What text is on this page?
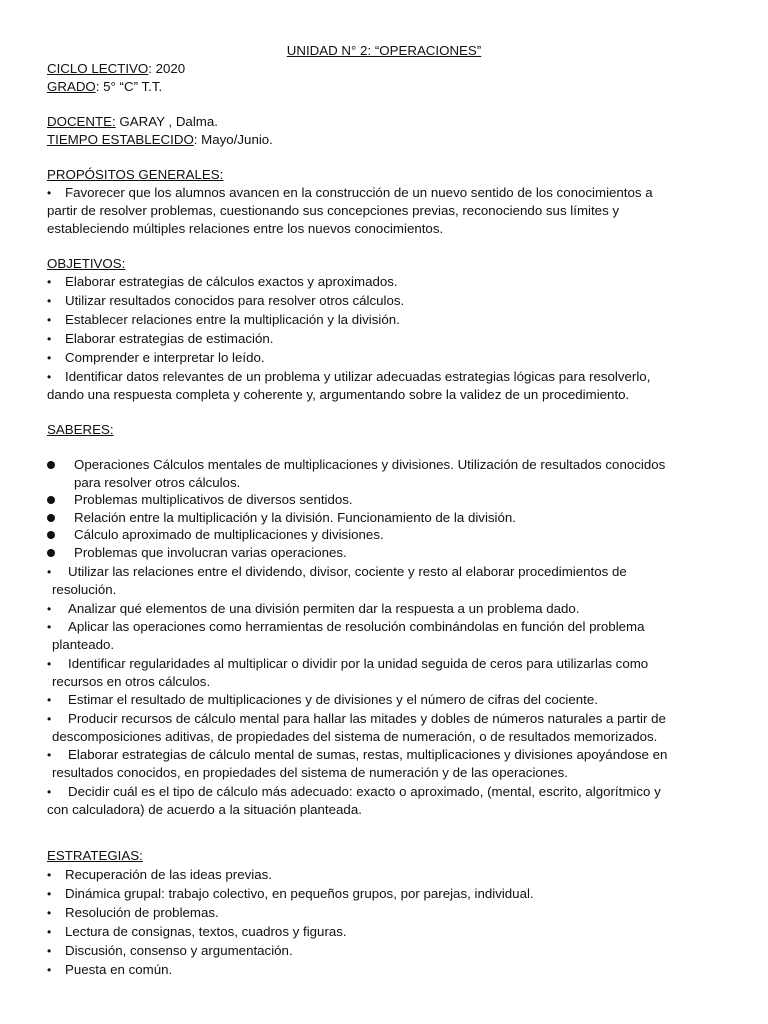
UNIDAD N° 2: “OPERACIONES”
CICLO LECTIVO: 2020
GRADO: 5° “C” T.T.
DOCENTE: GARAY , Dalma.
TIEMPO ESTABLECIDO: Mayo/Junio.
PROPÓSITOS GENERALES:
• Favorecer que los alumnos avancen en la construcción de un nuevo sentido de los conocimientos a
partir de resolver problemas, cuestionando sus concepciones previas, reconociendo sus límites y
estableciendo múltiples relaciones entre los nuevos conocimientos.
OBJETIVOS:
• Elaborar estrategias de cálculos exactos y aproximados.
• Utilizar resultados conocidos para resolver otros cálculos.
• Establecer relaciones entre la multiplicación y la división.
• Elaborar estrategias de estimación.
• Comprender e interpretar lo leído.
• Identificar datos relevantes de un problema y utilizar adecuadas estrategias lógicas para resolverlo,
dando una respuesta completa y coherente y, argumentando sobre la validez de un procedimiento.
SABERES:
Operaciones Cálculos mentales de multiplicaciones y divisiones. Utilización de resultados conocidos
para resolver otros cálculos.
Problemas multiplicativos de diversos sentidos.
Relación entre la multiplicación y la división. Funcionamiento de la división.
Cálculo aproximado de multiplicaciones y divisiones.
Problemas que involucran varias operaciones.
• Utilizar las relaciones entre el dividendo, divisor, cociente y resto al elaborar procedimientos de
resolución.
• Analizar qué elementos de una división permiten dar la respuesta a un problema dado.
• Aplicar las operaciones como herramientas de resolución combinándolas en función del problema
planteado.
• Identificar regularidades al multiplicar o dividir por la unidad seguida de ceros para utilizarlas como
recursos en otros cálculos.
• Estimar el resultado de multiplicaciones y de divisiones y el número de cifras del cociente.
• Producir recursos de cálculo mental para hallar las mitades y dobles de números naturales a partir de
descomposiciones aditivas, de propiedades del sistema de numeración, o de resultados memorizados.
• Elaborar estrategias de cálculo mental de sumas, restas, multiplicaciones y divisiones apoyándose en
resultados conocidos, en propiedades del sistema de numeración y de las operaciones.
• Decidir cuál es el tipo de cálculo más adecuado: exacto o aproximado, (mental, escrito, algorítmico y
con calculadora) de acuerdo a la situación planteada.
ESTRATEGIAS:
• Recuperación de las ideas previas.
• Dinámica grupal: trabajo colectivo, en pequeños grupos, por parejas, individual.
• Resolución de problemas.
• Lectura de consignas, textos, cuadros y figuras.
• Discusión, consenso y argumentación.
• Puesta en común.
